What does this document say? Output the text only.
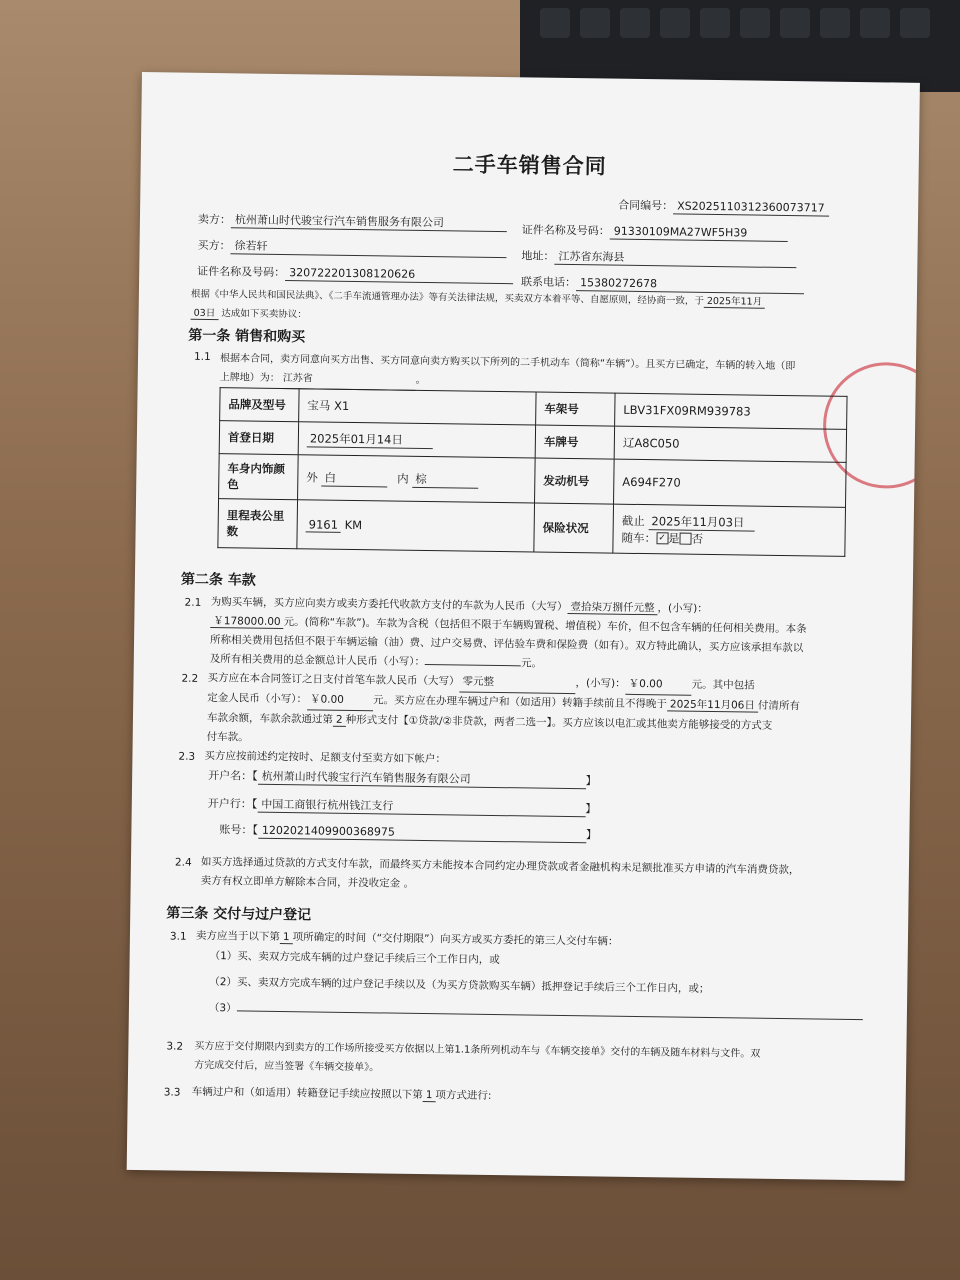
二手车销售合同
合同编号： XS2025110312360073717
卖方： 杭州萧山时代骏宝行汽车销售服务有限公司
证件名称及号码： 91330109MA27WF5H39
买方： 徐若轩
地址： 江苏省东海县
证件名称及号码： 320722201308120626
联系电话： 15380272678
根据《中华人民共和国民法典》、《二手车流通管理办法》等有关法律法规，买卖双方本着平等、自愿原则，经协商一致，于 2025年11月
03日 达成如下买卖协议：
第一条 销售和购买
1.1 根据本合同，卖方同意向买方出售、买方同意向卖方购买以下所列的二手机动车（简称“车辆”）。且买方已确定，车辆的转入地（即
上牌地）为： 江苏省	。
品牌及型号	宝马 X1	车架号	LBV31FX09RM939783
首登日期	2025年01月14日	车牌号	辽A8C050
车身内饰颜色	外 白 内 棕	发动机号	A694F270
里程表公里数	9161 KM	保险状况	截止 2025年11月03日
随车： ✓ 是 否
第二条 车款
2.1 为购买车辆，买方应向卖方或卖方委托代收款方支付的车款为人民币（大写） 壹拾柒万捌仟元整 ，(小写)：
￥178000.00 元。(简称“车款”)。车款为含税（包括但不限于车辆购置税、增值税）车价，但不包含车辆的任何相关费用。本条
所称相关费用包括但不限于车辆运输（油）费、过户交易费、评估验车费和保险费（如有）。双方特此确认，买方应该承担车款以
及所有相关费用的总金额总计人民币（小写）：	元。
2.2 买方应在本合同签订之日支付首笔车款人民币（大写） 零元整	，(小写)： ￥0.00	元。其中包括
定金人民币（小写）： ￥0.00	元。买方应在办理车辆过户和（如适用）转籍手续前且不得晚于 2025年11月06日 付清所有
车款余额，车款余款通过第 2 种形式支付【①贷款/②非贷款，两者二选一】。买方应该以电汇或其他卖方能够接受的方式支
付车款。
2.3 买方应按前述约定按时、足额支付至卖方如下帐户：
开户名：【 杭州萧山时代骏宝行汽车销售服务有限公司	】
开户行：【 中国工商银行杭州钱江支行	】
账号：【 1202021409900368975	】
2.4 如买方选择通过贷款的方式支付车款，而最终买方未能按本合同约定办理贷款或者金融机构未足额批准买方申请的汽车消费贷款，
卖方有权立即单方解除本合同，并没收定金 。
第三条 交付与过户登记
3.1 卖方应当于以下第 1 项所确定的时间（“交付期限”）向买方或买方委托的第三人交付车辆：
（1）买、卖双方完成车辆的过户登记手续后三个工作日内，或
（2）买、卖双方完成车辆的过户登记手续以及（为买方贷款购买车辆）抵押登记手续后三个工作日内，或；
（3）
3.2 买方应于交付期限内到卖方的工作场所接受买方依据以上第1.1条所列机动车与《车辆交接单》交付的车辆及随车材料与文件。双
方完成交付后，应当签署《车辆交接单》。
3.3 车辆过户和（如适用）转籍登记手续应按照以下第 1 项方式进行:
